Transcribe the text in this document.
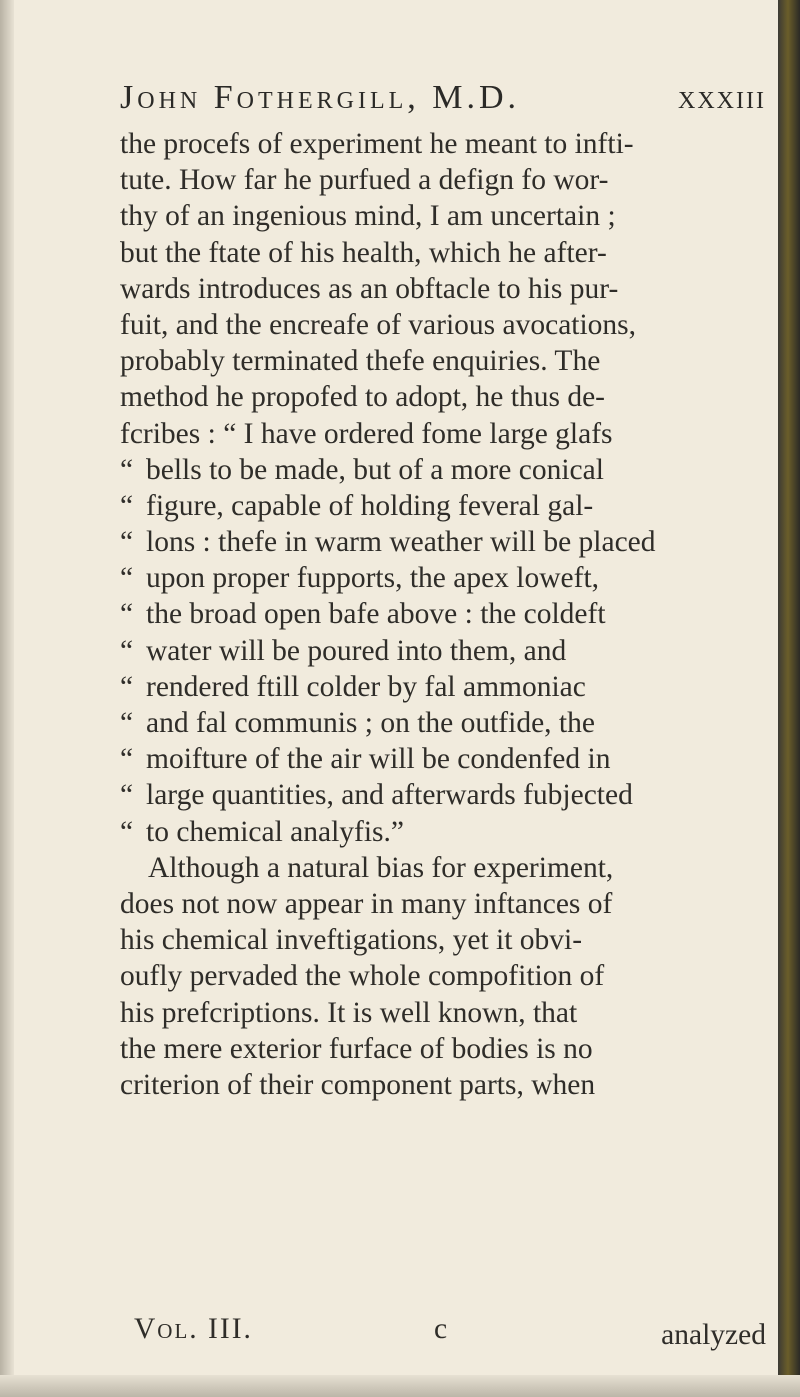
John Fothergill, M.D.	xxxiii
the procefs of experiment he meant to infti-
tute. How far he purfued a defign fo wor-
thy of an ingenious mind, I am uncertain ;
but the ftate of his health, which he after-
wards introduces as an obftacle to his pur-
fuit, and the encreafe of various avocations,
probably terminated thefe enquiries. The
method he propofed to adopt, he thus de-
fcribes : “ I have ordered fome large glafs
“ bells to be made, but of a more conical
“ figure, capable of holding feveral gal-
“ lons : thefe in warm weather will be placed
“ upon proper fupports, the apex loweft,
“ the broad open bafe above : the coldeft
“ water will be poured into them, and
“ rendered ftill colder by fal ammoniac
“ and fal communis ; on the outfide, the
“ moifture of the air will be condenfed in
“ large quantities, and afterwards fubjected
“ to chemical analyfis.”
Although a natural bias for experiment,
does not now appear in many inftances of
his chemical inveftigations, yet it obvi-
oufly pervaded the whole compofition of
his prefcriptions. It is well known, that
the mere exterior furface of bodies is no
criterion of their component parts, when
Vol. III.	c	analyzed
